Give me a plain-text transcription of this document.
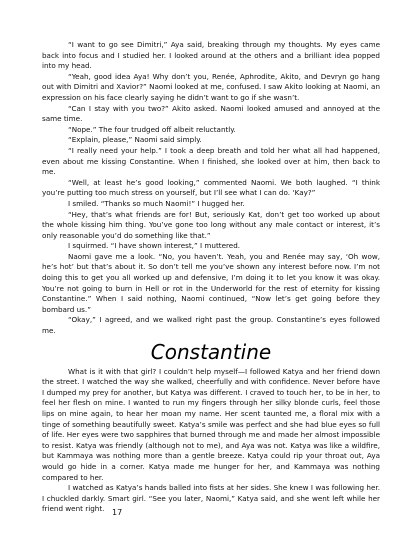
“I want to go see Dimitri,” Aya said, breaking through my thoughts. My eyes came back into focus and I studied her. I looked around at the others and a brilliant idea popped into my head.

“Yeah, good idea Aya! Why don’t you, Renée, Aphrodite, Akito, and Devryn go hang out with Dimitri and Xavior?” Naomi looked at me, confused. I saw Akito looking at Naomi, an expression on his face clearly saying he didn’t want to go if she wasn’t.

“Can I stay with you two?” Akito asked. Naomi looked amused and annoyed at the same time.

“Nope.” The four trudged off albeit reluctantly.

“Explain, please,” Naomi said simply.

“I really need your help.” I took a deep breath and told her what all had happened, even about me kissing Constantine. When I finished, she looked over at him, then back to me.

“Well, at least he’s good looking,” commented Naomi. We both laughed. “I think you’re putting too much stress on yourself, but I’ll see what I can do. ‘Kay?”

I smiled. “Thanks so much Naomi!” I hugged her.

“Hey, that’s what friends are for! But, seriously Kat, don’t get too worked up about the whole kissing him thing. You’ve gone too long without any male contact or interest, it’s only reasonable you’d do something like that.”

I squirmed. “I have shown interest,” I muttered.

Naomi gave me a look. “No, you haven’t. Yeah, you and Renée may say, ‘Oh wow, he’s hot’ but that’s about it. So don’t tell me you’ve shown any interest before now. I’m not doing this to get you all worked up and defensive, I’m doing it to let you know it was okay. You’re not going to burn in Hell or rot in the Underworld for the rest of eternity for kissing Constantine.” When I said nothing, Naomi continued, “Now let’s get going before they bombard us.”

“Okay,” I agreed, and we walked right past the group. Constantine’s eyes followed me.

Constantine

What is it with that girl? I couldn’t help myself—I followed Katya and her friend down the street. I watched the way she walked, cheerfully and with confidence. Never before have I dumped my prey for another, but Katya was different. I craved to touch her, to be in her, to feel her flesh on mine. I wanted to run my fingers through her silky blonde curls, feel those lips on mine again, to hear her moan my name. Her scent taunted me, a floral mix with a tinge of something beautifully sweet. Katya’s smile was perfect and she had blue eyes so full of life. Her eyes were two sapphires that burned through me and made her almost impossible to resist. Katya was friendly (although not to me), and Aya was not. Katya was like a wildfire, but Kammaya was nothing more than a gentle breeze. Katya could rip your throat out, Aya would go hide in a corner. Katya made me hunger for her, and Kammaya was nothing compared to her.

I watched as Katya’s hands balled into fists at her sides. She knew I was following her. I chuckled darkly. Smart girl. “See you later, Naomi,” Katya said, and she went left while her friend went right. 17
